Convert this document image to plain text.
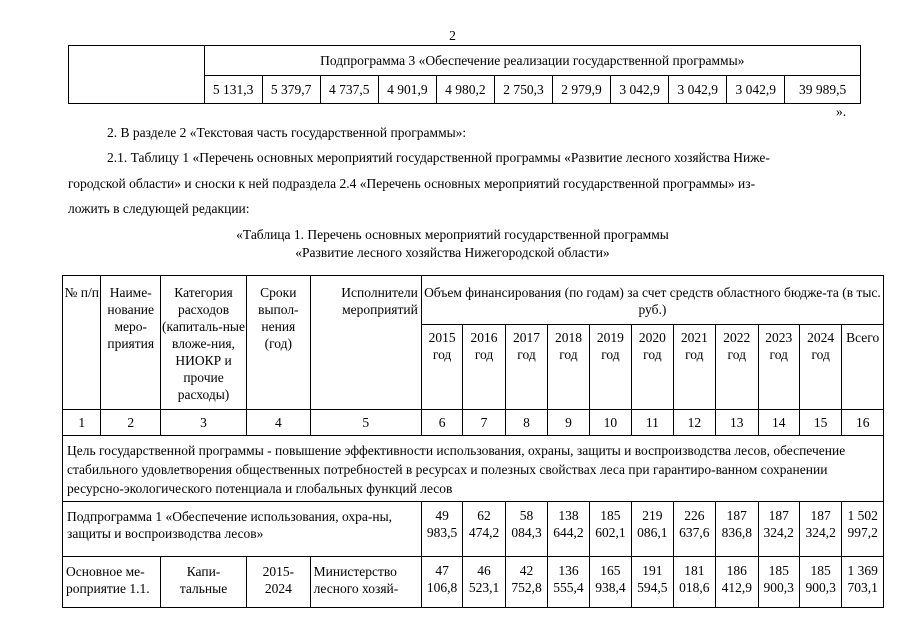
2
	Подпрограмма 3 «Обеспечение реализации государственной программы»										
	5 131,3	5 379,7	4 737,5	4 901,9	4 980,2	2 750,3	2 979,9	3 042,9	3 042,9	3 042,9	39 989,5
».
2. В разделе 2 «Текстовая часть государственной программы»:
2.1. Таблицу 1 «Перечень основных мероприятий государственной программы «Развитие лесного хозяйства Ниже-
городской области» и сноски к ней подраздела 2.4 «Перечень основных мероприятий государственной программы» из-
ложить в следующей редакции:
«Таблица 1. Перечень основных мероприятий государственной программы
«Развитие лесного хозяйства Нижегородской области»
№ п/п	Наиме-нование меро-приятия	Категория расходов (капиталь-ные вложе-ния, НИОКР и прочие расходы)	Сроки выпол-нения (год)	Исполнители мероприятий	Объем финансирования (по годам) за счет средств областного бюдже-та (в тыс. руб.)										
					2015 год	2016 год	2017 год	2018 год	2019 год	2020 год	2021 год	2022 год	2023 год	2024 год	Всего
1	2	3	4	5	6	7	8	9	10	11	12	13	14	15	16
Цель государственной программы - повышение эффективности использования, охраны, защиты и воспроизводства лесов, обеспечение стабильного удовлетворения общественных потребностей в ресурсах и полезных свойствах леса при гарантиро-ванном сохранении ресурсно-экологического потенциала и глобальных функций лесов															
Подпрограмма 1 «Обеспечение использования, охра-ны, защиты и воспроизводства лесов»					49 983,5	62 474,2	58 084,3	138 644,2	185 602,1	219 086,1	226 637,6	187 836,8	187 324,2	187 324,2	1 502 997,2
Основное ме-роприятие 1.1.		Капи-тальные	2015-2024	Министерство лесного хозяй-	47 106,8	46 523,1	42 752,8	136 555,4	165 938,4	191 594,5	181 018,6	186 412,9	185 900,3	185 900,3	1 369 703,1
